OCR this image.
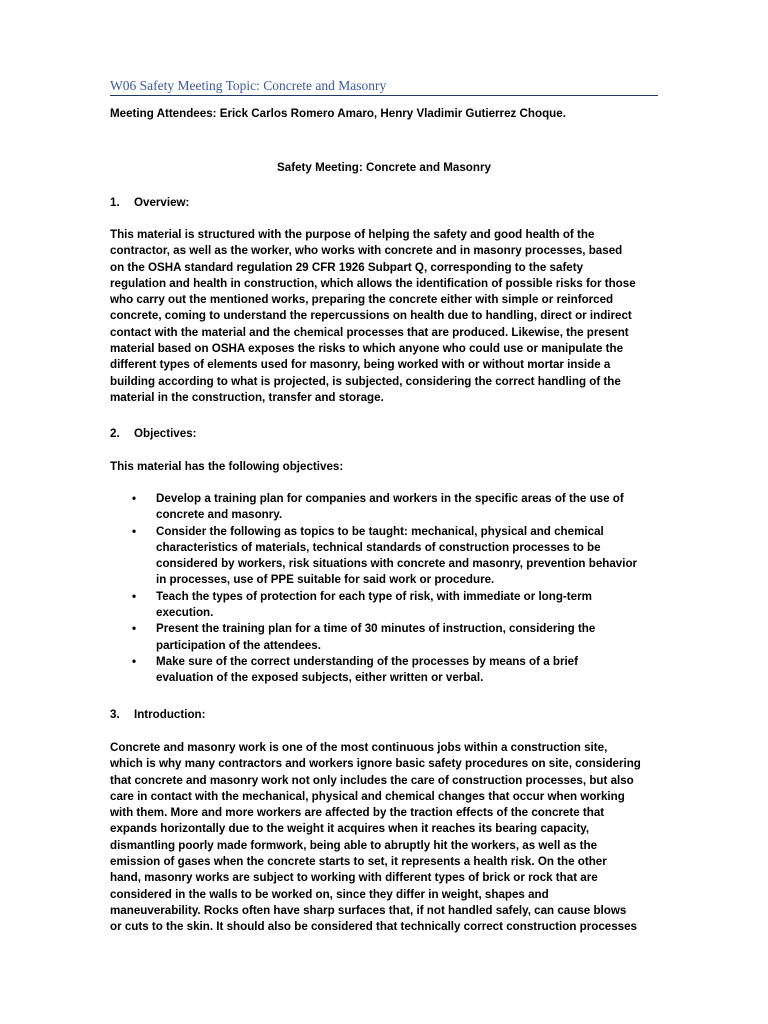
W06 Safety Meeting Topic: Concrete and Masonry
Meeting Attendees: Erick Carlos Romero Amaro, Henry Vladimir Gutierrez Choque.
Safety Meeting: Concrete and Masonry
1. Overview:
This material is structured with the purpose of helping the safety and good health of the
contractor, as well as the worker, who works with concrete and in masonry processes, based
on the OSHA standard regulation 29 CFR 1926 Subpart Q, corresponding to the safety
regulation and health in construction, which allows the identification of possible risks for those
who carry out the mentioned works, preparing the concrete either with simple or reinforced
concrete, coming to understand the repercussions on health due to handling, direct or indirect
contact with the material and the chemical processes that are produced. Likewise, the present
material based on OSHA exposes the risks to which anyone who could use or manipulate the
different types of elements used for masonry, being worked with or without mortar inside a
building according to what is projected, is subjected, considering the correct handling of the
material in the construction, transfer and storage.
2. Objectives:
This material has the following objectives:
• Develop a training plan for companies and workers in the specific areas of the use of
concrete and masonry.
• Consider the following as topics to be taught: mechanical, physical and chemical
characteristics of materials, technical standards of construction processes to be
considered by workers, risk situations with concrete and masonry, prevention behavior
in processes, use of PPE suitable for said work or procedure.
• Teach the types of protection for each type of risk, with immediate or long-term
execution.
• Present the training plan for a time of 30 minutes of instruction, considering the
participation of the attendees.
• Make sure of the correct understanding of the processes by means of a brief
evaluation of the exposed subjects, either written or verbal.
3. Introduction:
Concrete and masonry work is one of the most continuous jobs within a construction site,
which is why many contractors and workers ignore basic safety procedures on site, considering
that concrete and masonry work not only includes the care of construction processes, but also
care in contact with the mechanical, physical and chemical changes that occur when working
with them. More and more workers are affected by the traction effects of the concrete that
expands horizontally due to the weight it acquires when it reaches its bearing capacity,
dismantling poorly made formwork, being able to abruptly hit the workers, as well as the
emission of gases when the concrete starts to set, it represents a health risk. On the other
hand, masonry works are subject to working with different types of brick or rock that are
considered in the walls to be worked on, since they differ in weight, shapes and
maneuverability. Rocks often have sharp surfaces that, if not handled safely, can cause blows
or cuts to the skin. It should also be considered that technically correct construction processes
